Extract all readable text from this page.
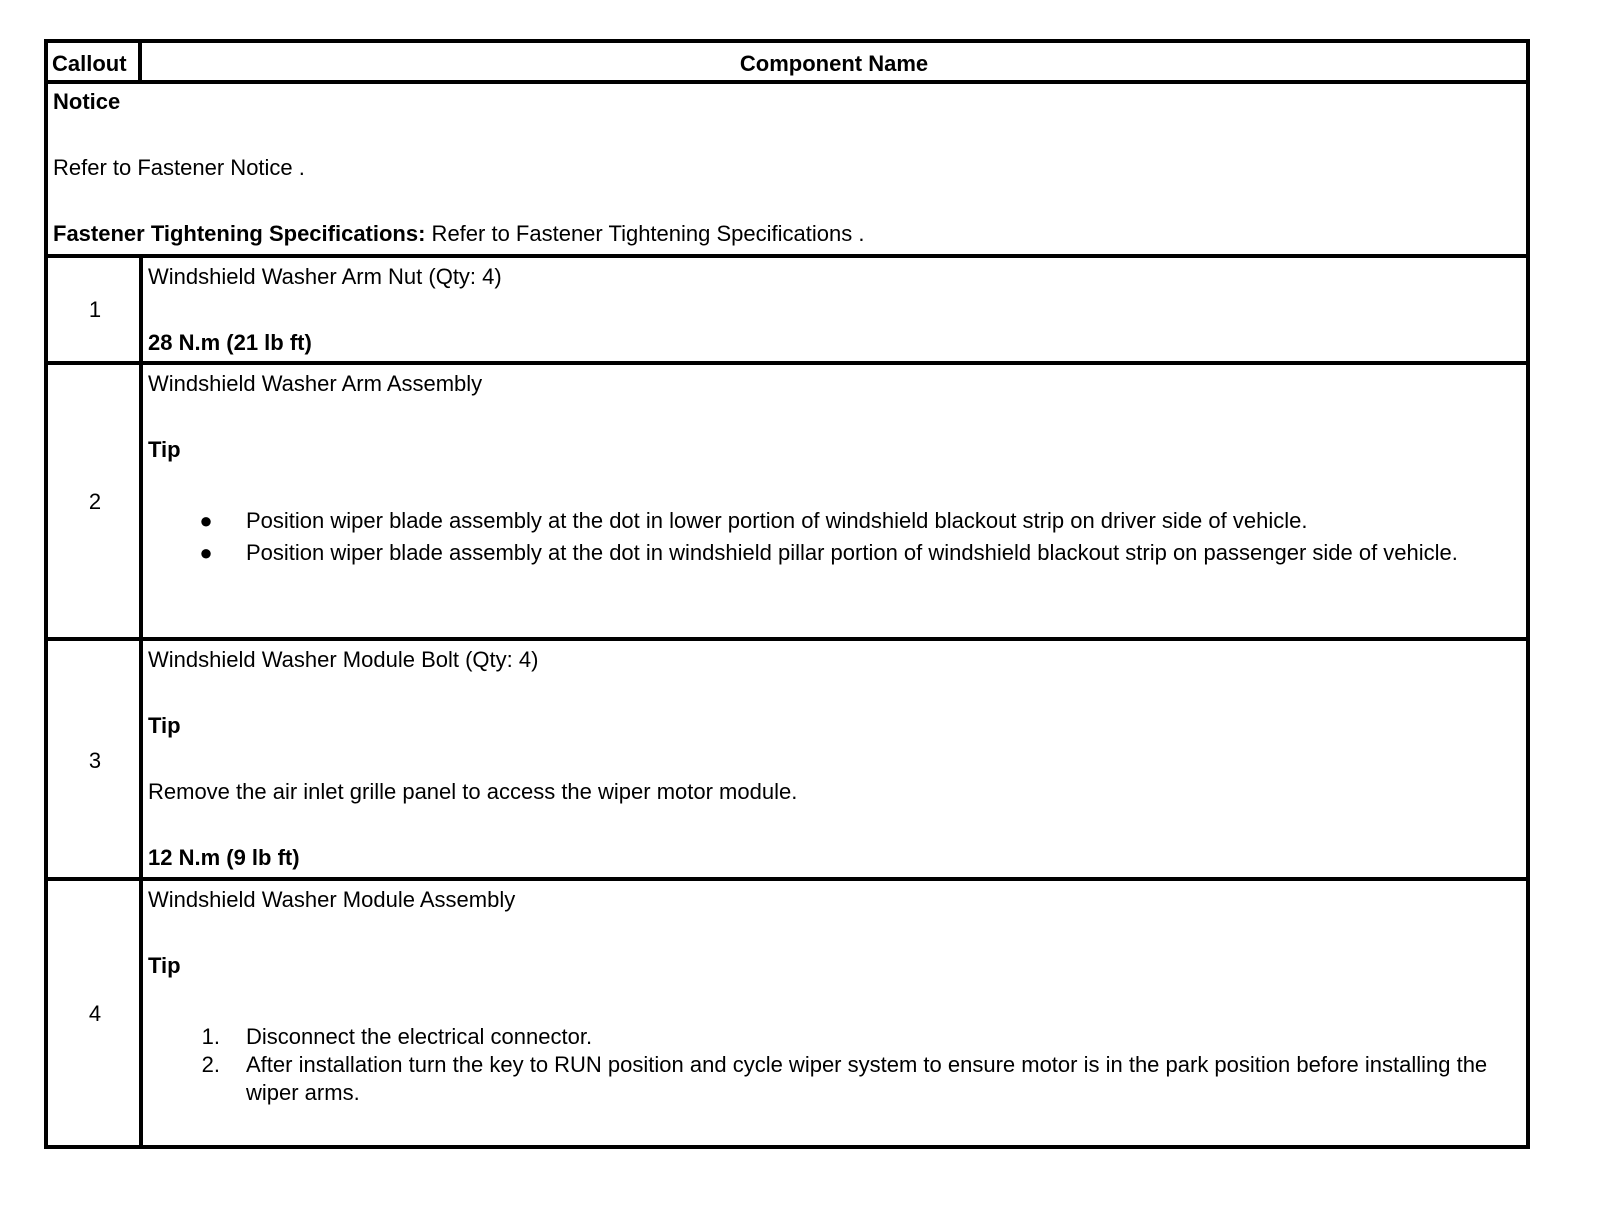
Callout	Component Name
Notice
Refer to Fastener Notice .
Fastener Tightening Specifications: Refer to Fastener Tightening Specifications .
1
Windshield Washer Arm Nut (Qty: 4)
28 N.m (21 lb ft)
2
Windshield Washer Arm Assembly
Tip
● Position wiper blade assembly at the dot in lower portion of windshield blackout strip on driver side of vehicle.
● Position wiper blade assembly at the dot in windshield pillar portion of windshield blackout strip on passenger side of vehicle.
3
Windshield Washer Module Bolt (Qty: 4)
Tip
Remove the air inlet grille panel to access the wiper motor module.
12 N.m (9 lb ft)
4
Windshield Washer Module Assembly
Tip
1. Disconnect the electrical connector.
2. After installation turn the key to RUN position and cycle wiper system to ensure motor is in the park position before installing the wiper arms.
